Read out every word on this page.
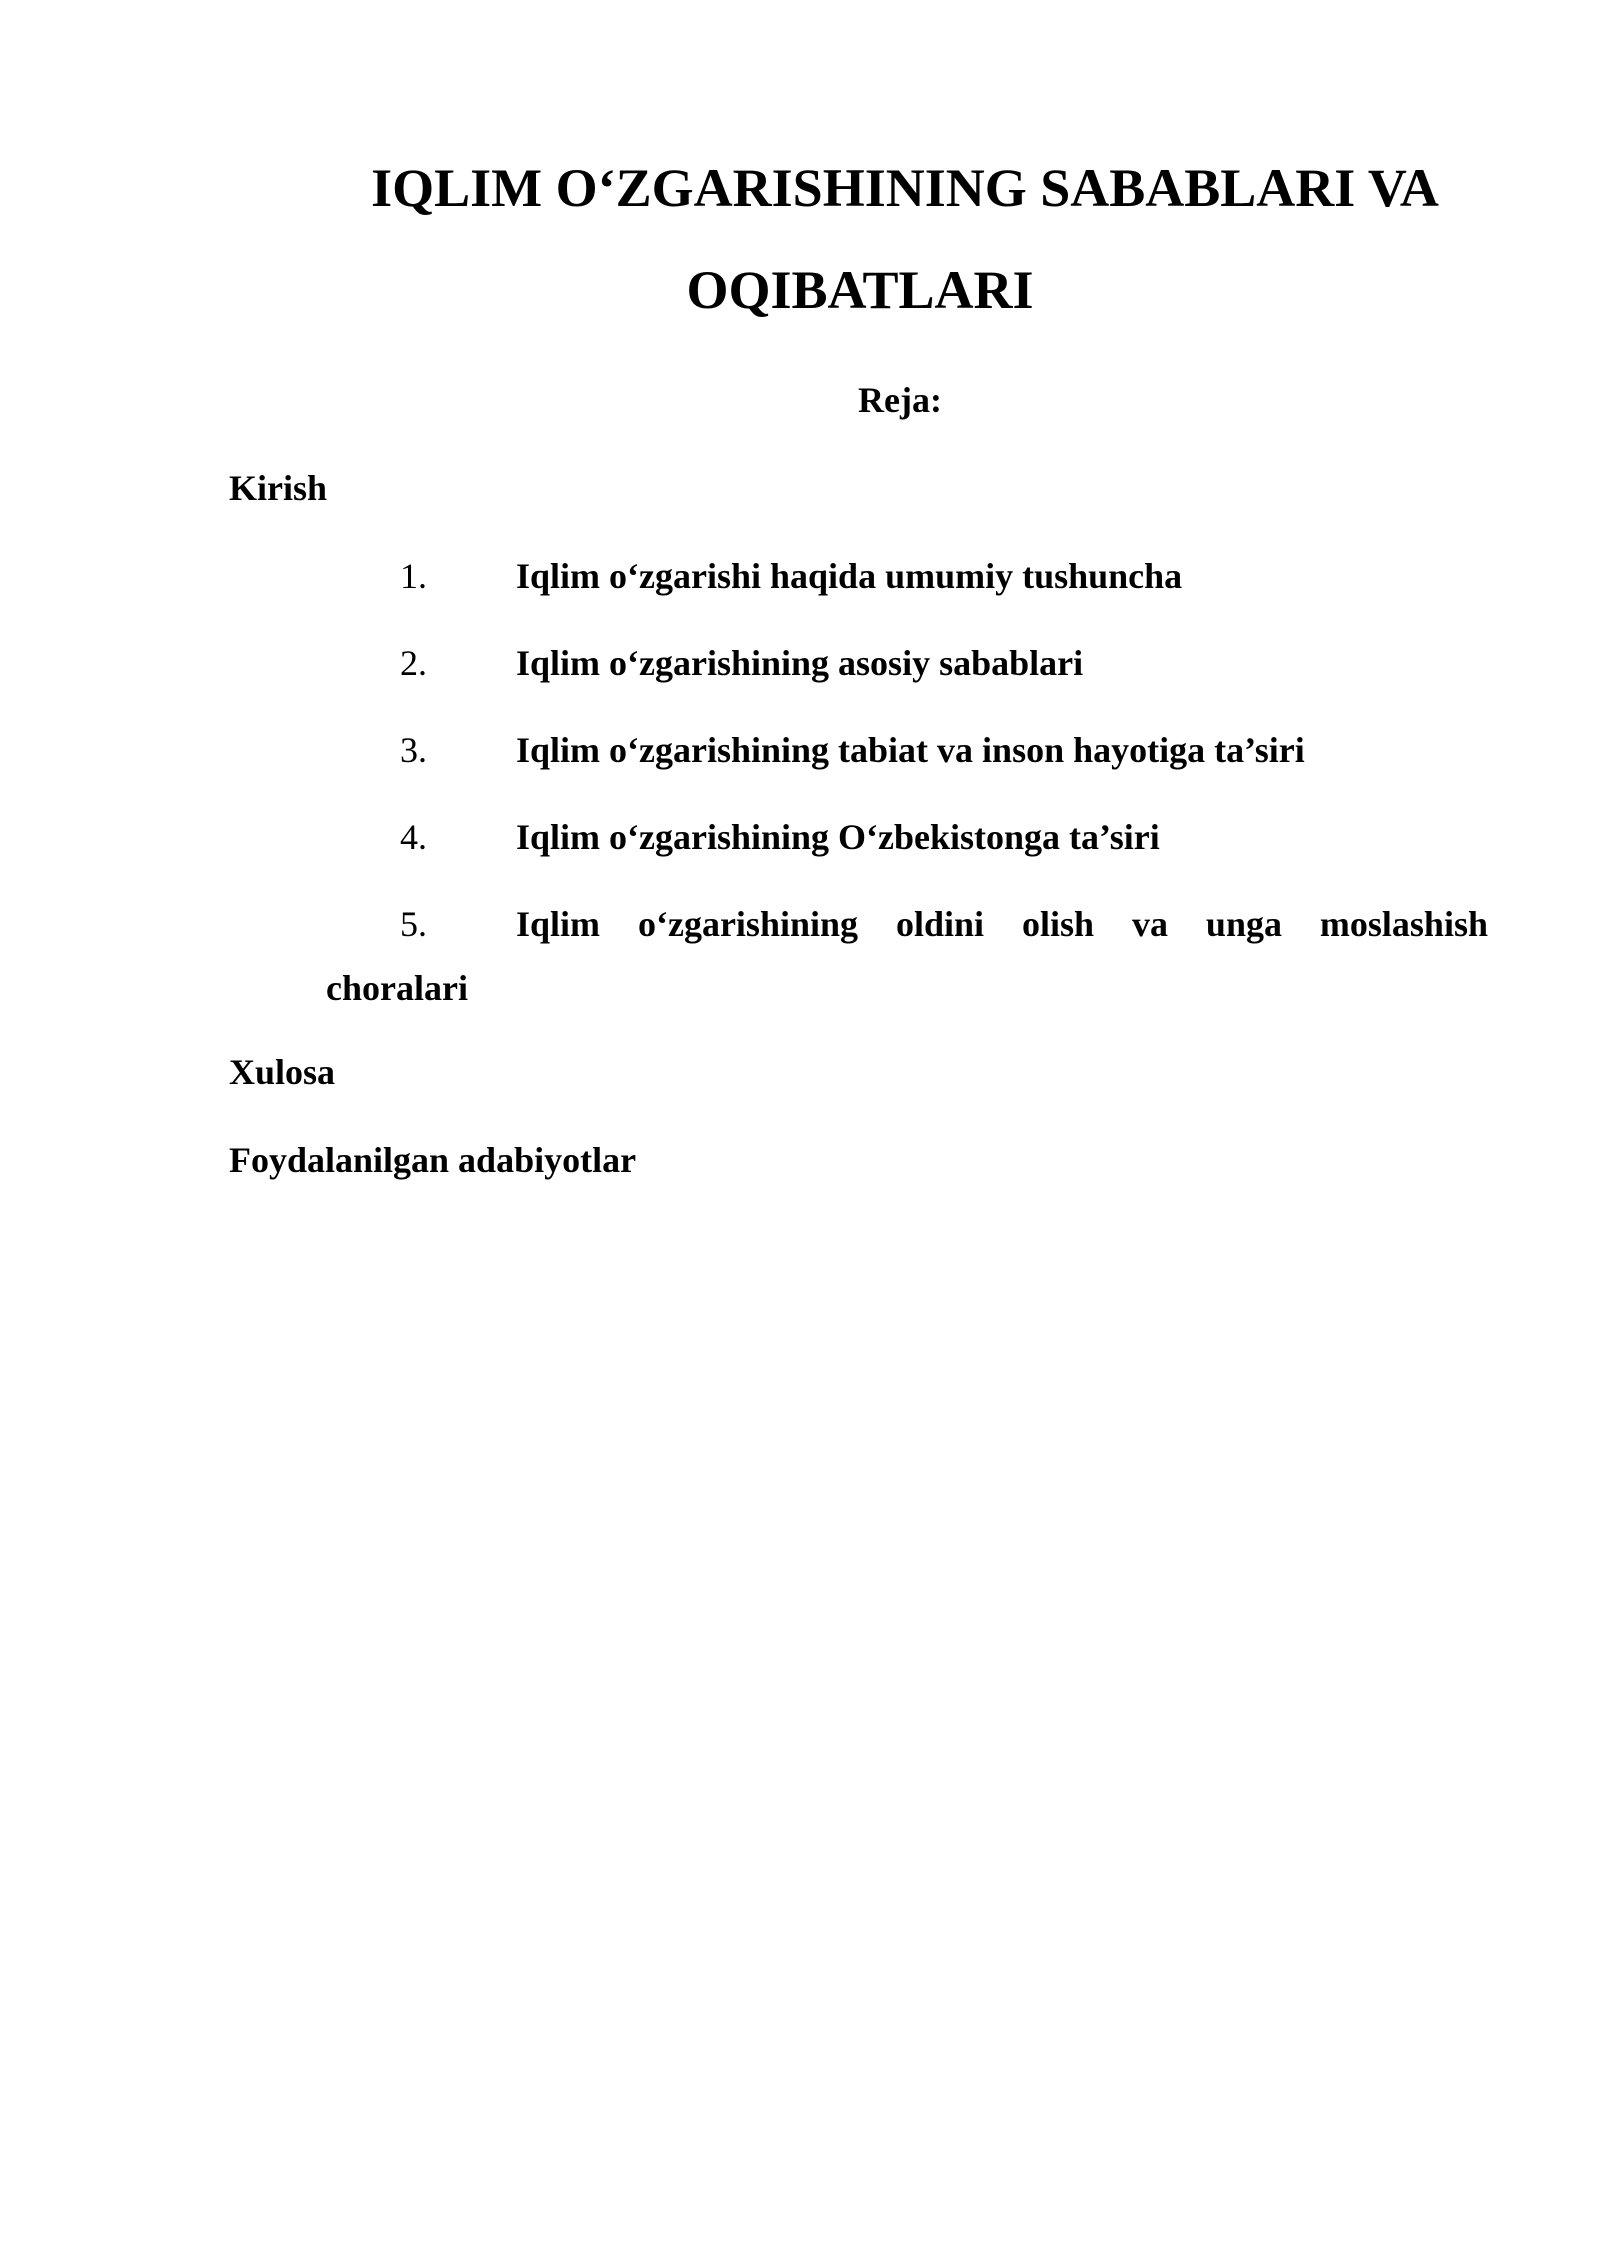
IQLIM O‘ZGARISHINING SABABLARI VA
OQIBATLARI
Reja:
Kirish
1. Iqlim o‘zgarishi haqida umumiy tushuncha
2. Iqlim o‘zgarishining asosiy sabablari
3. Iqlim o‘zgarishining tabiat va inson hayotiga ta’siri
4. Iqlim o‘zgarishining O‘zbekistonga ta’siri
5. Iqlim o‘zgarishining oldini olish va unga moslashish
choralari
Xulosa
Foydalanilgan adabiyotlar
